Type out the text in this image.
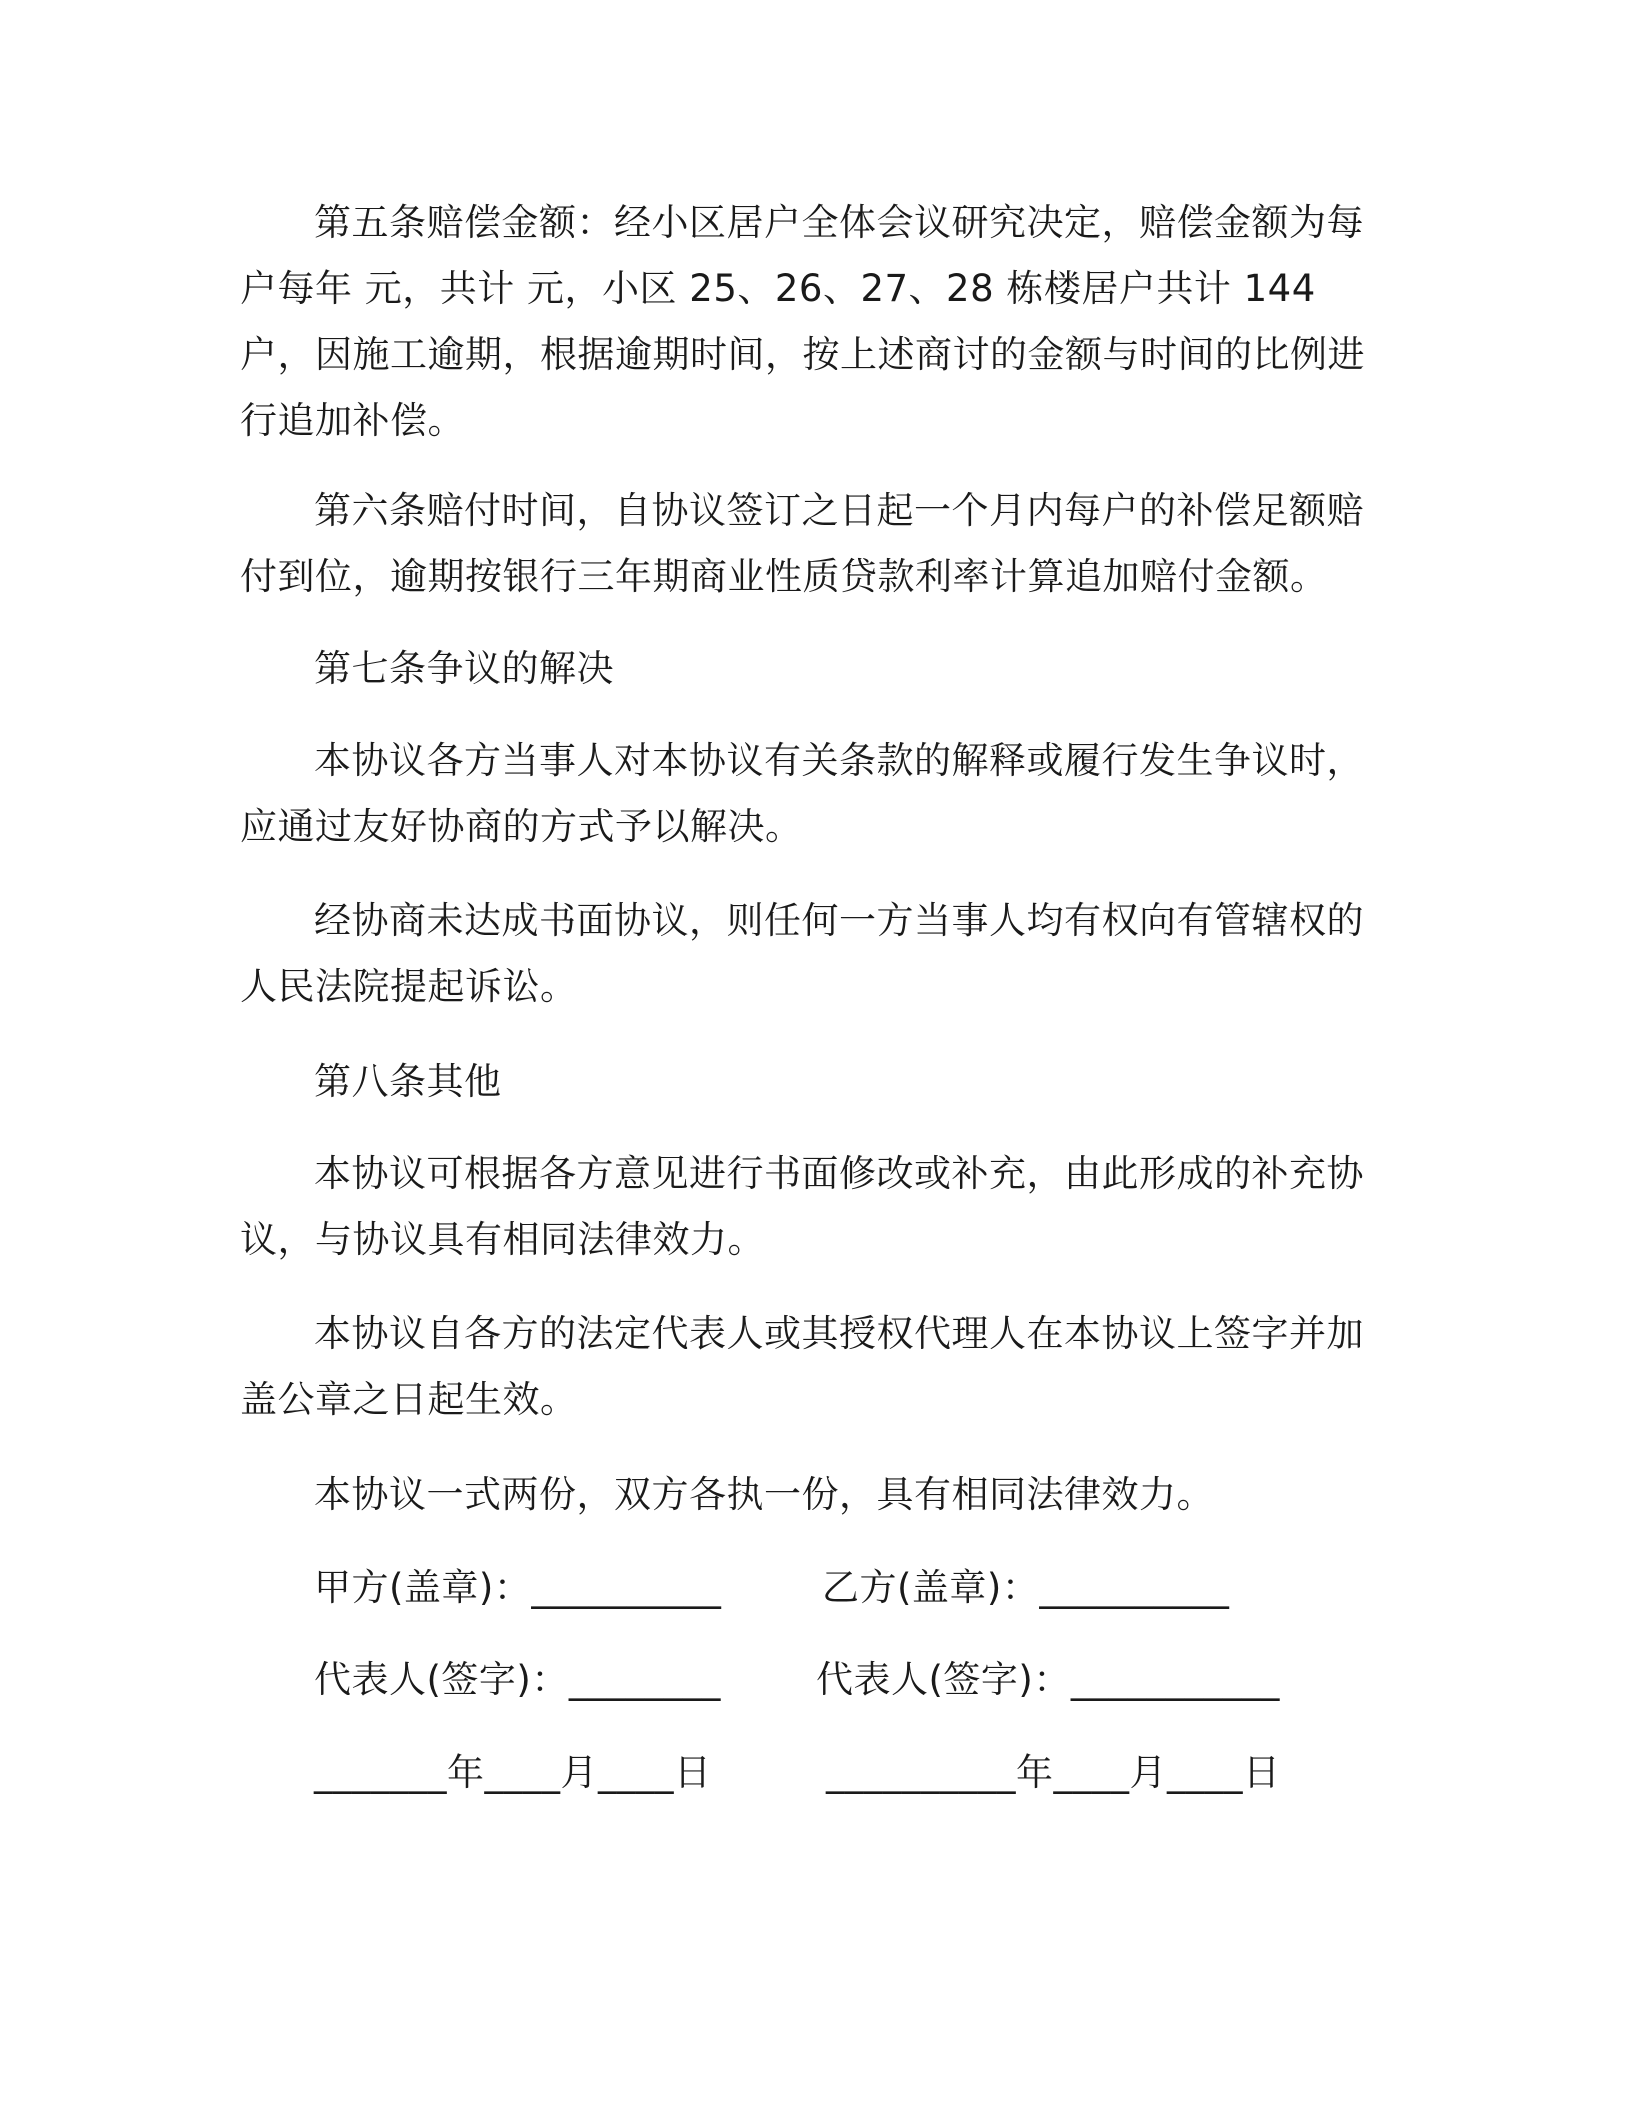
第五条赔偿金额：经小区居户全体会议研究决定，赔偿金额为每户每年 元，共计 元，小区 25、26、27、28 栋楼居户共计 144 户，因施工逾期，根据逾期时间，按上述商讨的金额与时间的比例进行追加补偿。

第六条赔付时间，自协议签订之日起一个月内每户的补偿足额赔付到位，逾期按银行三年期商业性质贷款利率计算追加赔付金额。

第七条争议的解决

本协议各方当事人对本协议有关条款的解释或履行发生争议时，应通过友好协商的方式予以解决。

经协商未达成书面协议，则任何一方当事人均有权向有管辖权的人民法院提起诉讼。

第八条其他

本协议可根据各方意见进行书面修改或补充，由此形成的补充协议，与协议具有相同法律效力。

本协议自各方的法定代表人或其授权代理人在本协议上签字并加盖公章之日起生效。

本协议一式两份，双方各执一份，具有相同法律效力。

甲方(盖章)：__________	乙方(盖章)：__________
代表人(签字)：________	代表人(签字)：___________
_______年____月____日	__________年____月____日
